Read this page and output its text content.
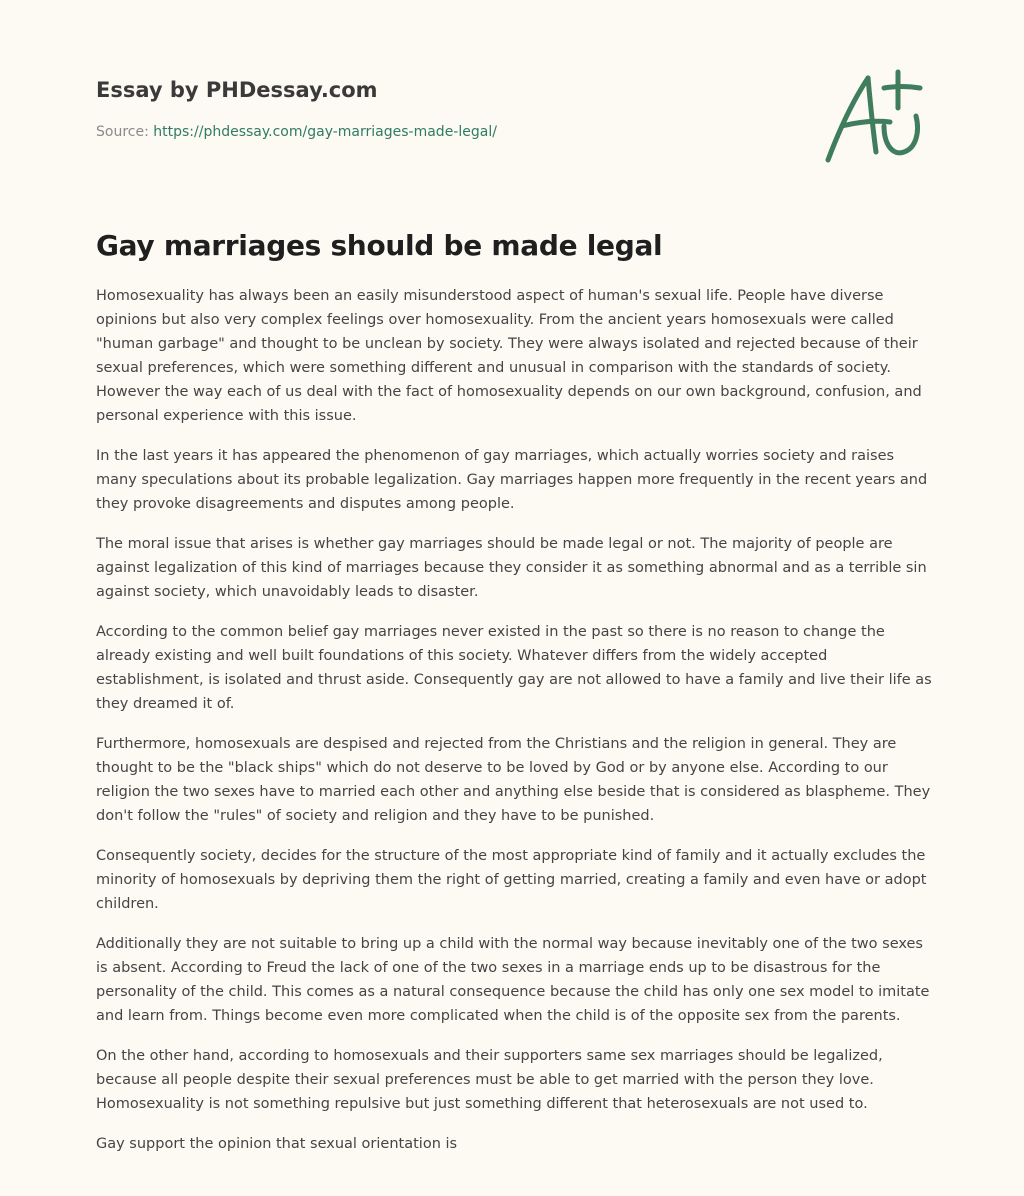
Essay by PHDessay.com

Source: https://phdessay.com/gay-marriages-made-legal/
Gay marriages should be made legal

Homosexuality has always been an easily misunderstood aspect of human's sexual life. People have diverse opinions but also very complex feelings over homosexuality. From the ancient years homosexuals were called "human garbage" and thought to be unclean by society. They were always isolated and rejected because of their sexual preferences, which were something different and unusual in comparison with the standards of society. However the way each of us deal with the fact of homosexuality depends on our own background, confusion, and personal experience with this issue.

In the last years it has appeared the phenomenon of gay marriages, which actually worries society and raises many speculations about its probable legalization. Gay marriages happen more frequently in the recent years and they provoke disagreements and disputes among people.

The moral issue that arises is whether gay marriages should be made legal or not. The majority of people are against legalization of this kind of marriages because they consider it as something abnormal and as a terrible sin against society, which unavoidably leads to disaster.

According to the common belief gay marriages never existed in the past so there is no reason to change the already existing and well built foundations of this society. Whatever differs from the widely accepted establishment, is isolated and thrust aside. Consequently gay are not allowed to have a family and live their life as they dreamed it of.

Furthermore, homosexuals are despised and rejected from the Christians and the religion in general. They are thought to be the "black ships" which do not deserve to be loved by God or by anyone else. According to our religion the two sexes have to married each other and anything else beside that is considered as blaspheme. They don't follow the "rules" of society and religion and they have to be punished.

Consequently society, decides for the structure of the most appropriate kind of family and it actually excludes the minority of homosexuals by depriving them the right of getting married, creating a family and even have or adopt children.

Additionally they are not suitable to bring up a child with the normal way because inevitably one of the two sexes is absent. According to Freud the lack of one of the two sexes in a marriage ends up to be disastrous for the personality of the child. This comes as a natural consequence because the child has only one sex model to imitate and learn from. Things become even more complicated when the child is of the opposite sex from the parents.

On the other hand, according to homosexuals and their supporters same sex marriages should be legalized, because all people despite their sexual preferences must be able to get married with the person they love. Homosexuality is not something repulsive but just something different that heterosexuals are not used to.

Gay support the opinion that sexual orientation is
